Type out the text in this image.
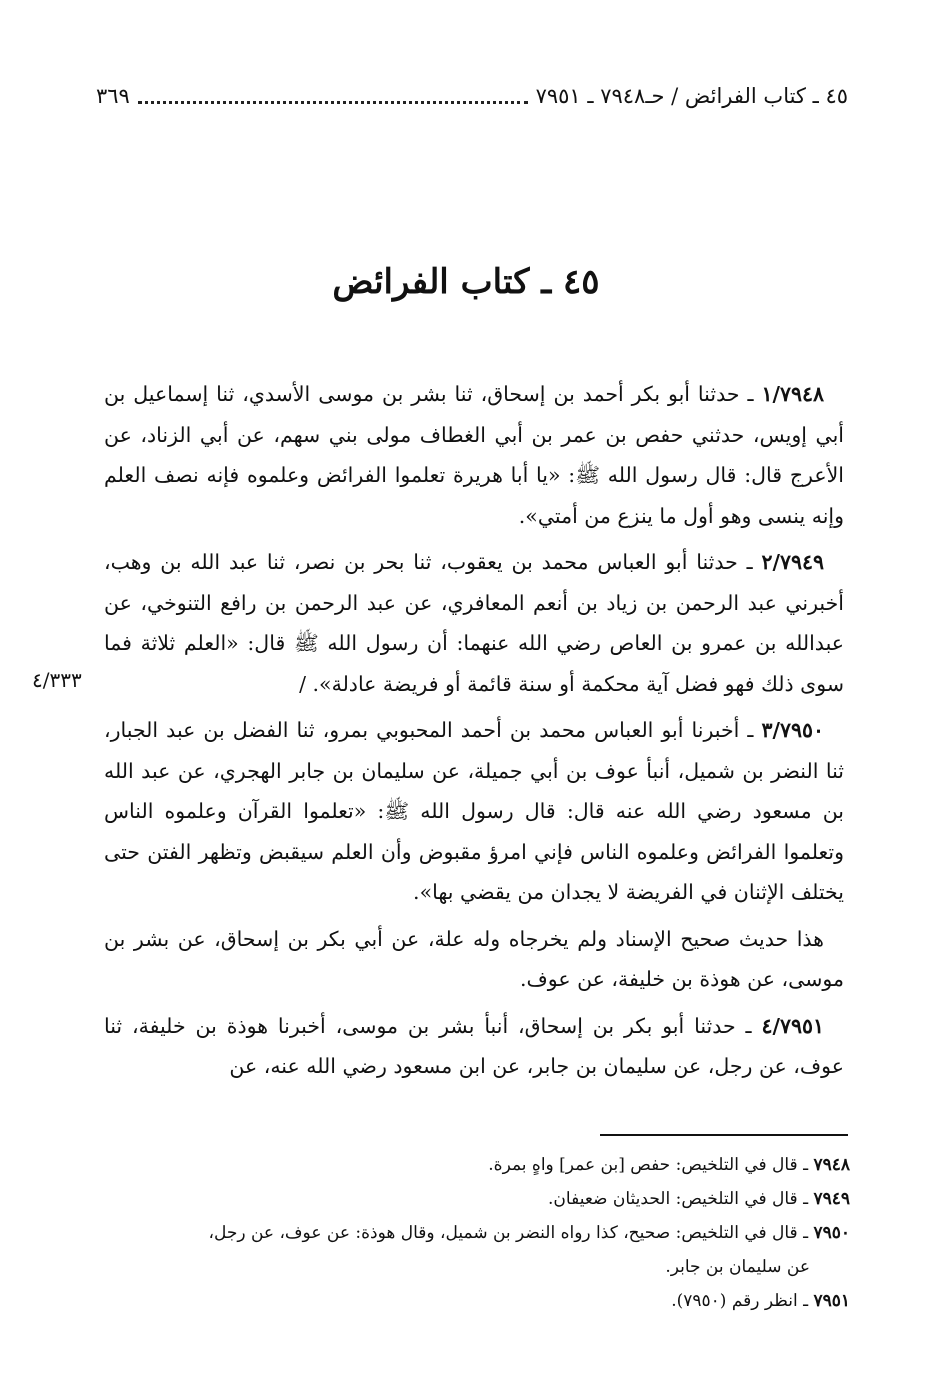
٤٥ ـ كتاب الفرائض / حـ٧٩٤٨ ـ ٧٩٥١
٣٦٩
٤٥ ـ كتاب الفرائض

١/٧٩٤٨ ـ حدثنا أبو بكر أحمد بن إسحاق، ثنا بشر بن موسى الأسدي، ثنا إسماعيل بن أبي إويس، حدثني حفص بن عمر بن أبي الغطاف مولى بني سهم، عن أبي الزناد، عن الأعرج قال: قال رسول الله ﷺ: «يا أبا هريرة تعلموا الفرائض وعلموه فإنه نصف العلم وإنه ينسى وهو أول ما ينزع من أمتي».

٢/٧٩٤٩ ـ حدثنا أبو العباس محمد بن يعقوب، ثنا بحر بن نصر، ثنا عبد الله بن وهب، أخبرني عبد الرحمن بن زياد بن أنعم المعافري، عن عبد الرحمن بن رافع التنوخي، عن عبدالله بن عمرو بن العاص رضي الله عنهما: أن رسول الله ﷺ قال: «العلم ثلاثة فما سوى ذلك فهو فضل آية محكمة أو سنة قائمة أو فريضة عادلة». /

٣/٧٩٥٠ ـ أخبرنا أبو العباس محمد بن أحمد المحبوبي بمرو، ثنا الفضل بن عبد الجبار، ثنا النضر بن شميل، أنبأ عوف بن أبي جميلة، عن سليمان بن جابر الهجري، عن عبد الله بن مسعود رضي الله عنه قال: قال رسول الله ﷺ: «تعلموا القرآن وعلموه الناس وتعلموا الفرائض وعلموه الناس فإني امرؤ مقبوض وأن العلم سيقبض وتظهر الفتن حتى يختلف الإثنان في الفريضة لا يجدان من يقضي بها».

هذا حديث صحيح الإسناد ولم يخرجاه وله علة، عن أبي بكر بن إسحاق، عن بشر بن موسى، عن هوذة بن خليفة، عن عوف.

٤/٧٩٥١ ـ حدثنا أبو بكر بن إسحاق، أنبأ بشر بن موسى، أخبرنا هوذة بن خليفة، ثنا عوف، عن رجل، عن سليمان بن جابر، عن ابن مسعود رضي الله عنه، عن

٤/٣٣٣

٧٩٤٨ ـ قال في التلخيص: حفص [بن عمر] واهٍ بمرة.

٧٩٤٩ ـ قال في التلخيص: الحديثان ضعيفان.

٧٩٥٠ ـ قال في التلخيص: صحيح، كذا رواه النضر بن شميل، وقال هوذة: عن عوف، عن رجل،

عن سليمان بن جابر.

٧٩٥١ ـ انظر رقم (٧٩٥٠).
